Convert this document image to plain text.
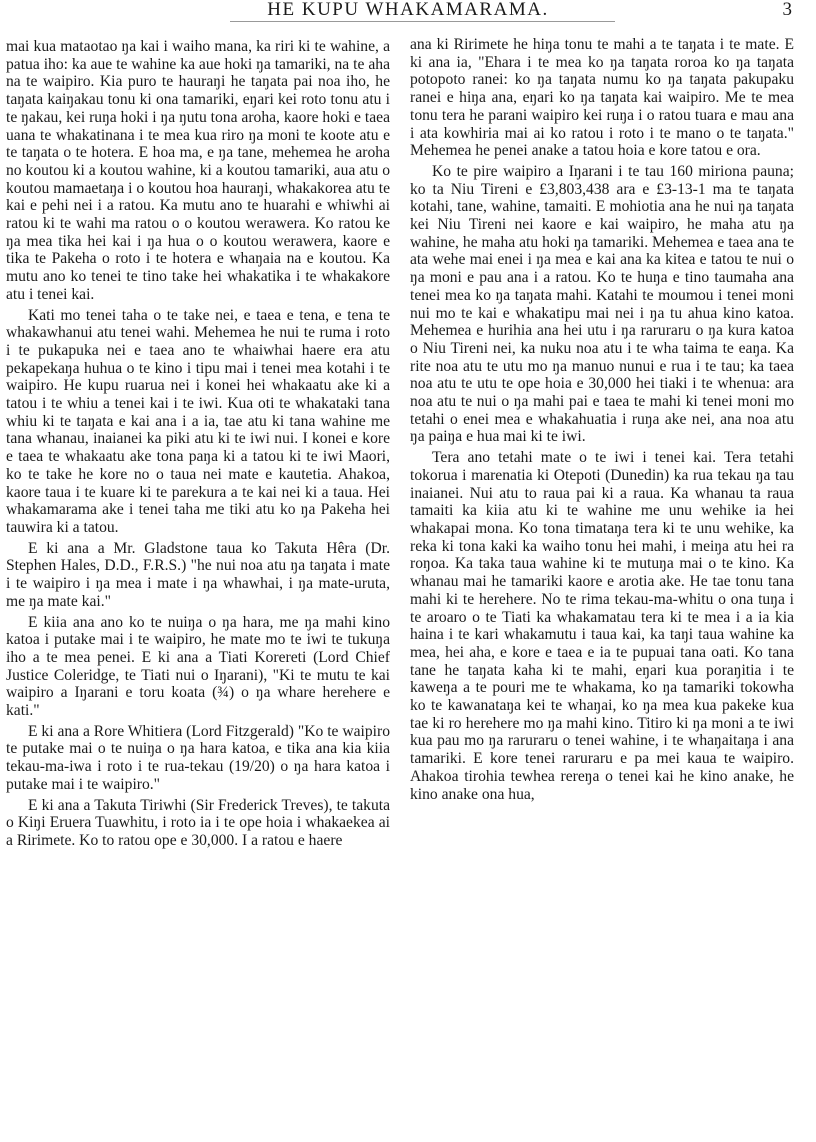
HE KUPU WHAKAMARAMA.	3

mai kua mataotao ŋa kai i waiho mana, ka riri ki te wahine, a patua iho: ka aue te wahine ka aue hoki ŋa tamariki, na te aha na te waipiro. Kia puro te hauraŋi he taŋata pai noa iho, he taŋata kaiŋakau tonu ki ona tamariki, eŋari kei roto tonu atu i te ŋakau, kei ruŋa hoki i ŋa ŋutu tona aroha, kaore hoki e taea uana te whakatinana i te mea kua riro ŋa moni te koote atu e te taŋata o te hotera. E hoa ma, e ŋa tane, mehemea he aroha no koutou ki a koutou wahine, ki a koutou tamariki, aua atu o koutou mamaetaŋa i o koutou hoa hauraŋi, whakakorea atu te kai e pehi nei i a ratou. Ka mutu ano te huarahi e whiwhi ai ratou ki te wahi ma ratou o o koutou werawera. Ko ratou ke ŋa mea tika hei kai i ŋa hua o o koutou werawera, kaore e tika te Pakeha o roto i te hotera e whaŋaia na e koutou. Ka mutu ano ko tenei te tino take hei whakatika i te whakakore atu i tenei kai.

Kati mo tenei taha o te take nei, e taea e tena, e tena te whakawhanui atu tenei wahi. Mehemea he nui te ruma i roto i te pukapuka nei e taea ano te whaiwhai haere era atu pekapekaŋa huhua o te kino i tipu mai i tenei mea kotahi i te waipiro. He kupu ruarua nei i konei hei whakaatu ake ki a tatou i te whiu a tenei kai i te iwi. Kua oti te whakataki tana whiu ki te taŋata e kai ana i a ia, tae atu ki tana wahine me tana whanau, inaianei ka piki atu ki te iwi nui. I konei e kore e taea te whakaatu ake tona paŋa ki a tatou ki te iwi Maori, ko te take he kore no o taua nei mate e kautetia. Ahakoa, kaore taua i te kuare ki te parekura a te kai nei ki a taua. Hei whakamarama ake i tenei taha me tiki atu ko ŋa Pakeha hei tauwira ki a tatou.

E ki ana a Mr. Gladstone taua ko Takuta Hêra (Dr. Stephen Hales, D.D., F.R.S.) "he nui noa atu ŋa taŋata i mate i te waipiro i ŋa mea i mate i ŋa whawhai, i ŋa mate-uruta, me ŋa mate kai."

E kiia ana ano ko te nuiŋa o ŋa hara, me ŋa mahi kino katoa i putake mai i te waipiro, he mate mo te iwi te tukuŋa iho a te mea penei. E ki ana a Tiati Korereti (Lord Chief Justice Coleridge, te Tiati nui o Iŋarani), "Ki te mutu te kai waipiro a Iŋarani e toru koata (¾) o ŋa whare herehere e kati."

E ki ana a Rore Whitiera (Lord Fitzgerald) "Ko te waipiro te putake mai o te nuiŋa o ŋa hara katoa, e tika ana kia kiia tekau-ma-iwa i roto i te rua-tekau (19/20) o ŋa hara katoa i putake mai i te waipiro."

E ki ana a Takuta Tiriwhi (Sir Frederick Treves), te takuta o Kiŋi Eruera Tuawhitu, i roto ia i te ope hoia i whakaekea ai a Ririmete. Ko to ratou ope e 30,000. I a ratou e haere

ana ki Ririmete he hiŋa tonu te mahi a te taŋata i te mate. E ki ana ia, "Ehara i te mea ko ŋa taŋata roroa ko ŋa taŋata potopoto ranei: ko ŋa taŋata numu ko ŋa taŋata pakupaku ranei e hiŋa ana, eŋari ko ŋa taŋata kai waipiro. Me te mea tonu tera he parani waipiro kei ruŋa i o ratou tuara e mau ana i ata kowhiria mai ai ko ratou i roto i te mano o te taŋata." Mehemea he penei anake a tatou hoia e kore tatou e ora.

Ko te pire waipiro a Iŋarani i te tau 160 miriona pauna; ko ta Niu Tireni e £3,803,438 ara e £3-13-1 ma te taŋata kotahi, tane, wahine, tamaiti. E mohiotia ana he nui ŋa taŋata kei Niu Tireni nei kaore e kai waipiro, he maha atu ŋa wahine, he maha atu hoki ŋa tamariki. Mehemea e taea ana te ata wehe mai enei i ŋa mea e kai ana ka kitea e tatou te nui o ŋa moni e pau ana i a ratou. Ko te huŋa e tino taumaha ana tenei mea ko ŋa taŋata mahi. Katahi te moumou i tenei moni nui mo te kai e whakatipu mai nei i ŋa tu ahua kino katoa. Mehemea e hurihia ana hei utu i ŋa raruraru o ŋa kura katoa o Niu Tireni nei, ka nuku noa atu i te wha taima te eaŋa. Ka rite noa atu te utu mo ŋa manuo nunui e rua i te tau; ka taea noa atu te utu te ope hoia e 30,000 hei tiaki i te whenua: ara noa atu te nui o ŋa mahi pai e taea te mahi ki tenei moni mo tetahi o enei mea e whakahuatia i ruŋa ake nei, ana noa atu ŋa paiŋa e hua mai ki te iwi.

Tera ano tetahi mate o te iwi i tenei kai. Tera tetahi tokorua i marenatia ki Otepoti (Dunedin) ka rua tekau ŋa tau inaianei. Nui atu to raua pai ki a raua. Ka whanau ta raua tamaiti ka kiia atu ki te wahine me unu wehike ia hei whakapai mona. Ko tona timataŋa tera ki te unu wehike, ka reka ki tona kaki ka waiho tonu hei mahi, i meiŋa atu hei ra roŋoa. Ka taka taua wahine ki te mutuŋa mai o te kino. Ka whanau mai he tamariki kaore e arotia ake. He tae tonu tana mahi ki te herehere. No te rima tekau-ma-whitu o ona tuŋa i te aroaro o te Tiati ka whakamatau tera ki te mea i a ia kia haina i te kari whakamutu i taua kai, ka taŋi taua wahine ka mea, hei aha, e kore e taea e ia te pupuai tana oati. Ko tana tane he taŋata kaha ki te mahi, eŋari kua poraŋitia i te kaweŋa a te pouri me te whakama, ko ŋa tamariki tokowha ko te kawanataŋa kei te whaŋai, ko ŋa mea kua pakeke kua tae ki ro herehere mo ŋa mahi kino. Titiro ki ŋa moni a te iwi kua pau mo ŋa raruraru o tenei wahine, i te whaŋaitaŋa i ana tamariki. E kore tenei raruraru e pa mei kaua te waipiro. Ahakoa tirohia tewhea rereŋa o tenei kai he kino anake, he kino anake ona hua,
